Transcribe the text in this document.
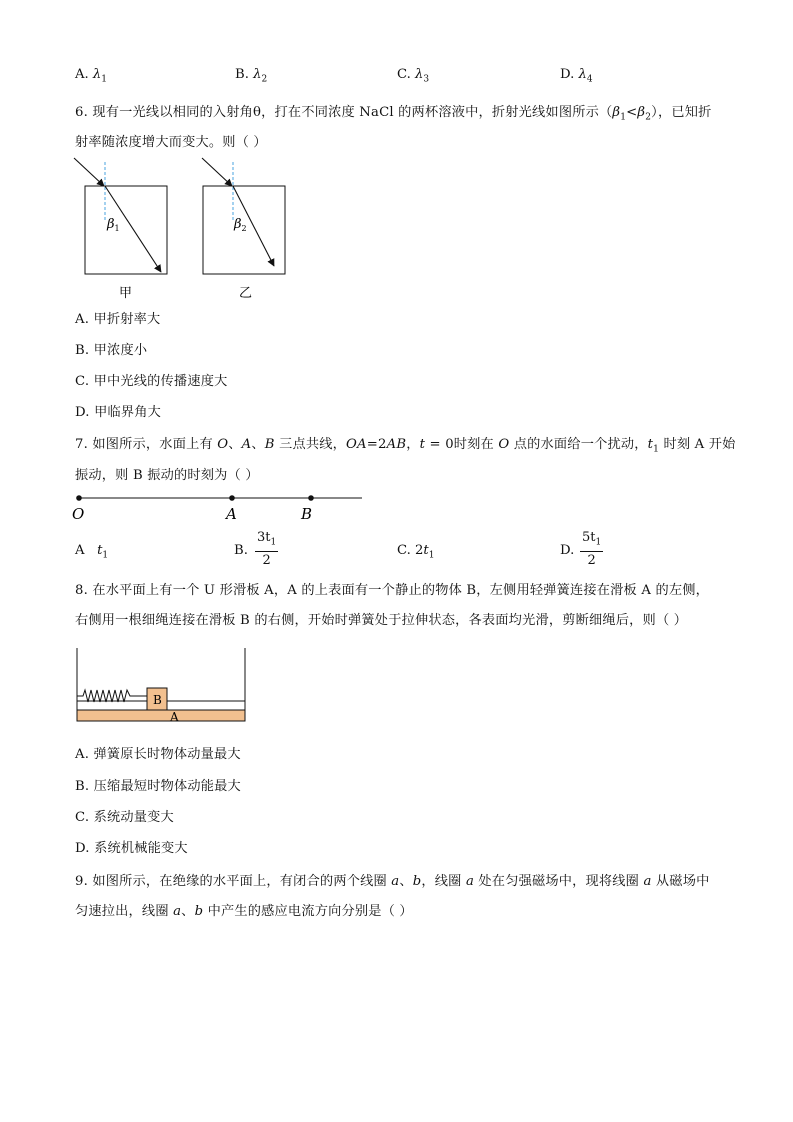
A. $\lambda_1$	B. $\lambda_2$	C. $\lambda_3$	D. $\lambda_4$
6. 现有一光线以相同的入射角θ，打在不同浓度 NaCl 的两杯溶液中，折射光线如图所示$(\beta_1<\beta_2)$，已知折
射率随浓度增大而变大。则（ ）
$\beta_1$	$\beta_2$
甲	乙
A. 甲折射率大
B. 甲浓度小
C. 甲中光线的传播速度大
D. 甲临界角大
7. 如图所示，水面上有 O、A、B 三点共线，OA=2AB，t = 0时刻在 O 点的水面给一个扰动，$t_1$ 时刻 A 开始
振动，则 B 振动的时刻为（ ）
O	A	B
A $t_1$	B. $\frac{3t_1}{2}$	C. $2t_1$	D. $\frac{5t_1}{2}$
8. 在水平面上有一个 U 形滑板 A，A 的上表面有一个静止的物体 B，左侧用轻弹簧连接在滑板 A 的左侧，
右侧用一根细绳连接在滑板 B 的右侧，开始时弹簧处于拉伸状态，各表面均光滑，剪断细绳后，则（ ）
A
B
A. 弹簧原长时物体动量最大
B. 压缩最短时物体动能最大
C. 系统动量变大
D. 系统机械能变大
9. 如图所示，在绝缘的水平面上，有闭合的两个线圈 a、b，线圈 a 处在匀强磁场中，现将线圈 a 从磁场中
匀速拉出，线圈 a、b 中产生的感应电流方向分别是（ ）
